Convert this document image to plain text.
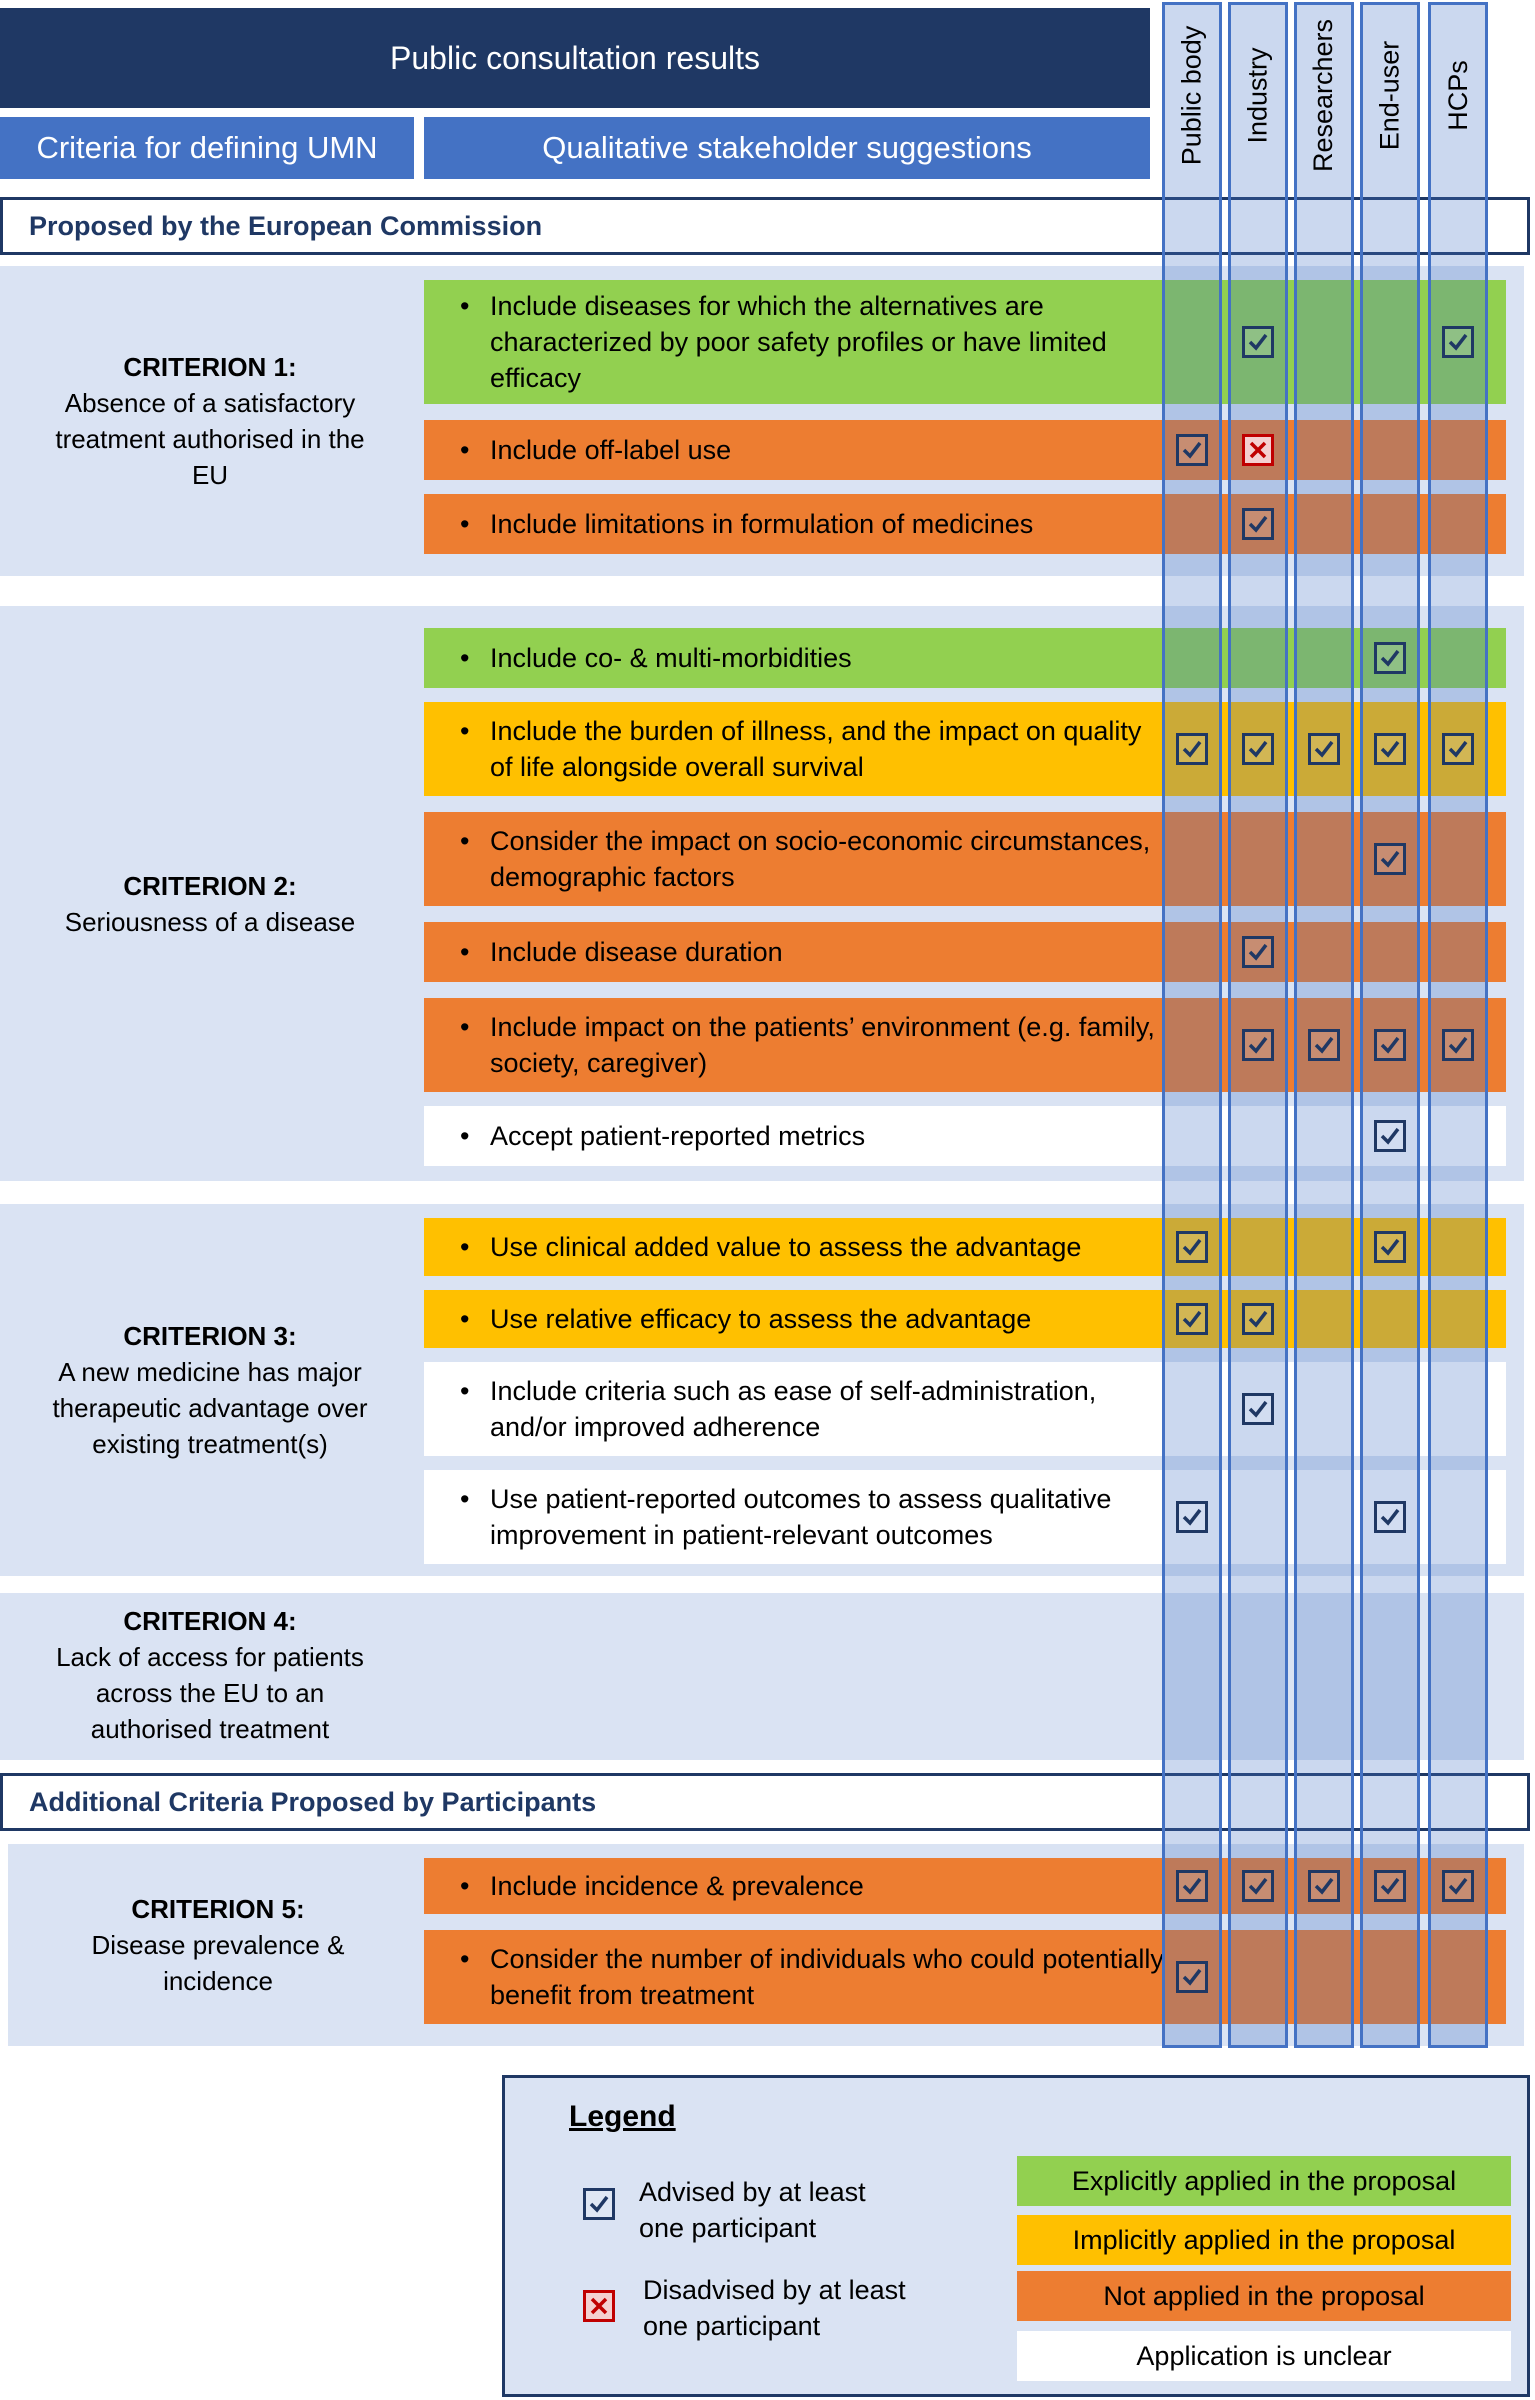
Public consultation results
Criteria for defining UMN	Qualitative stakeholder suggestions
Proposed by the European Commission
CRITERION 1:
Absence of a satisfactory treatment authorised in the EU
CRITERION 2:
Seriousness of a disease
CRITERION 3:
A new medicine has major therapeutic advantage over existing treatment(s)
CRITERION 4:
Lack of access for patients across the EU to an authorised treatment
CRITERION 5:
Disease prevalence & incidence
• Include diseases for which the alternatives are characterized by poor safety profiles or have limited efficacy
• Include off-label use
• Include limitations in formulation of medicines
• Include co- & multi-morbidities
• Include the burden of illness, and the impact on quality of life alongside overall survival
• Consider the impact on socio-economic circumstances, demographic factors
• Include disease duration
• Include impact on the patients’ environment (e.g. family, society, caregiver)
• Accept patient-reported metrics
• Use clinical added value to assess the advantage
• Use relative efficacy to assess the advantage
• Include criteria such as ease of self-administration, and/or improved adherence
• Use patient-reported outcomes to assess qualitative improvement in patient-relevant outcomes
• Include incidence & prevalence
• Consider the number of individuals who could potentially benefit from treatment
Additional Criteria Proposed by Participants
Public body Industry Researchers End-user HCPs
Legend
Advised by at least one participant
Disadvised by at least one participant
Explicitly applied in the proposal
Implicitly applied in the proposal
Not applied in the proposal
Application is unclear
